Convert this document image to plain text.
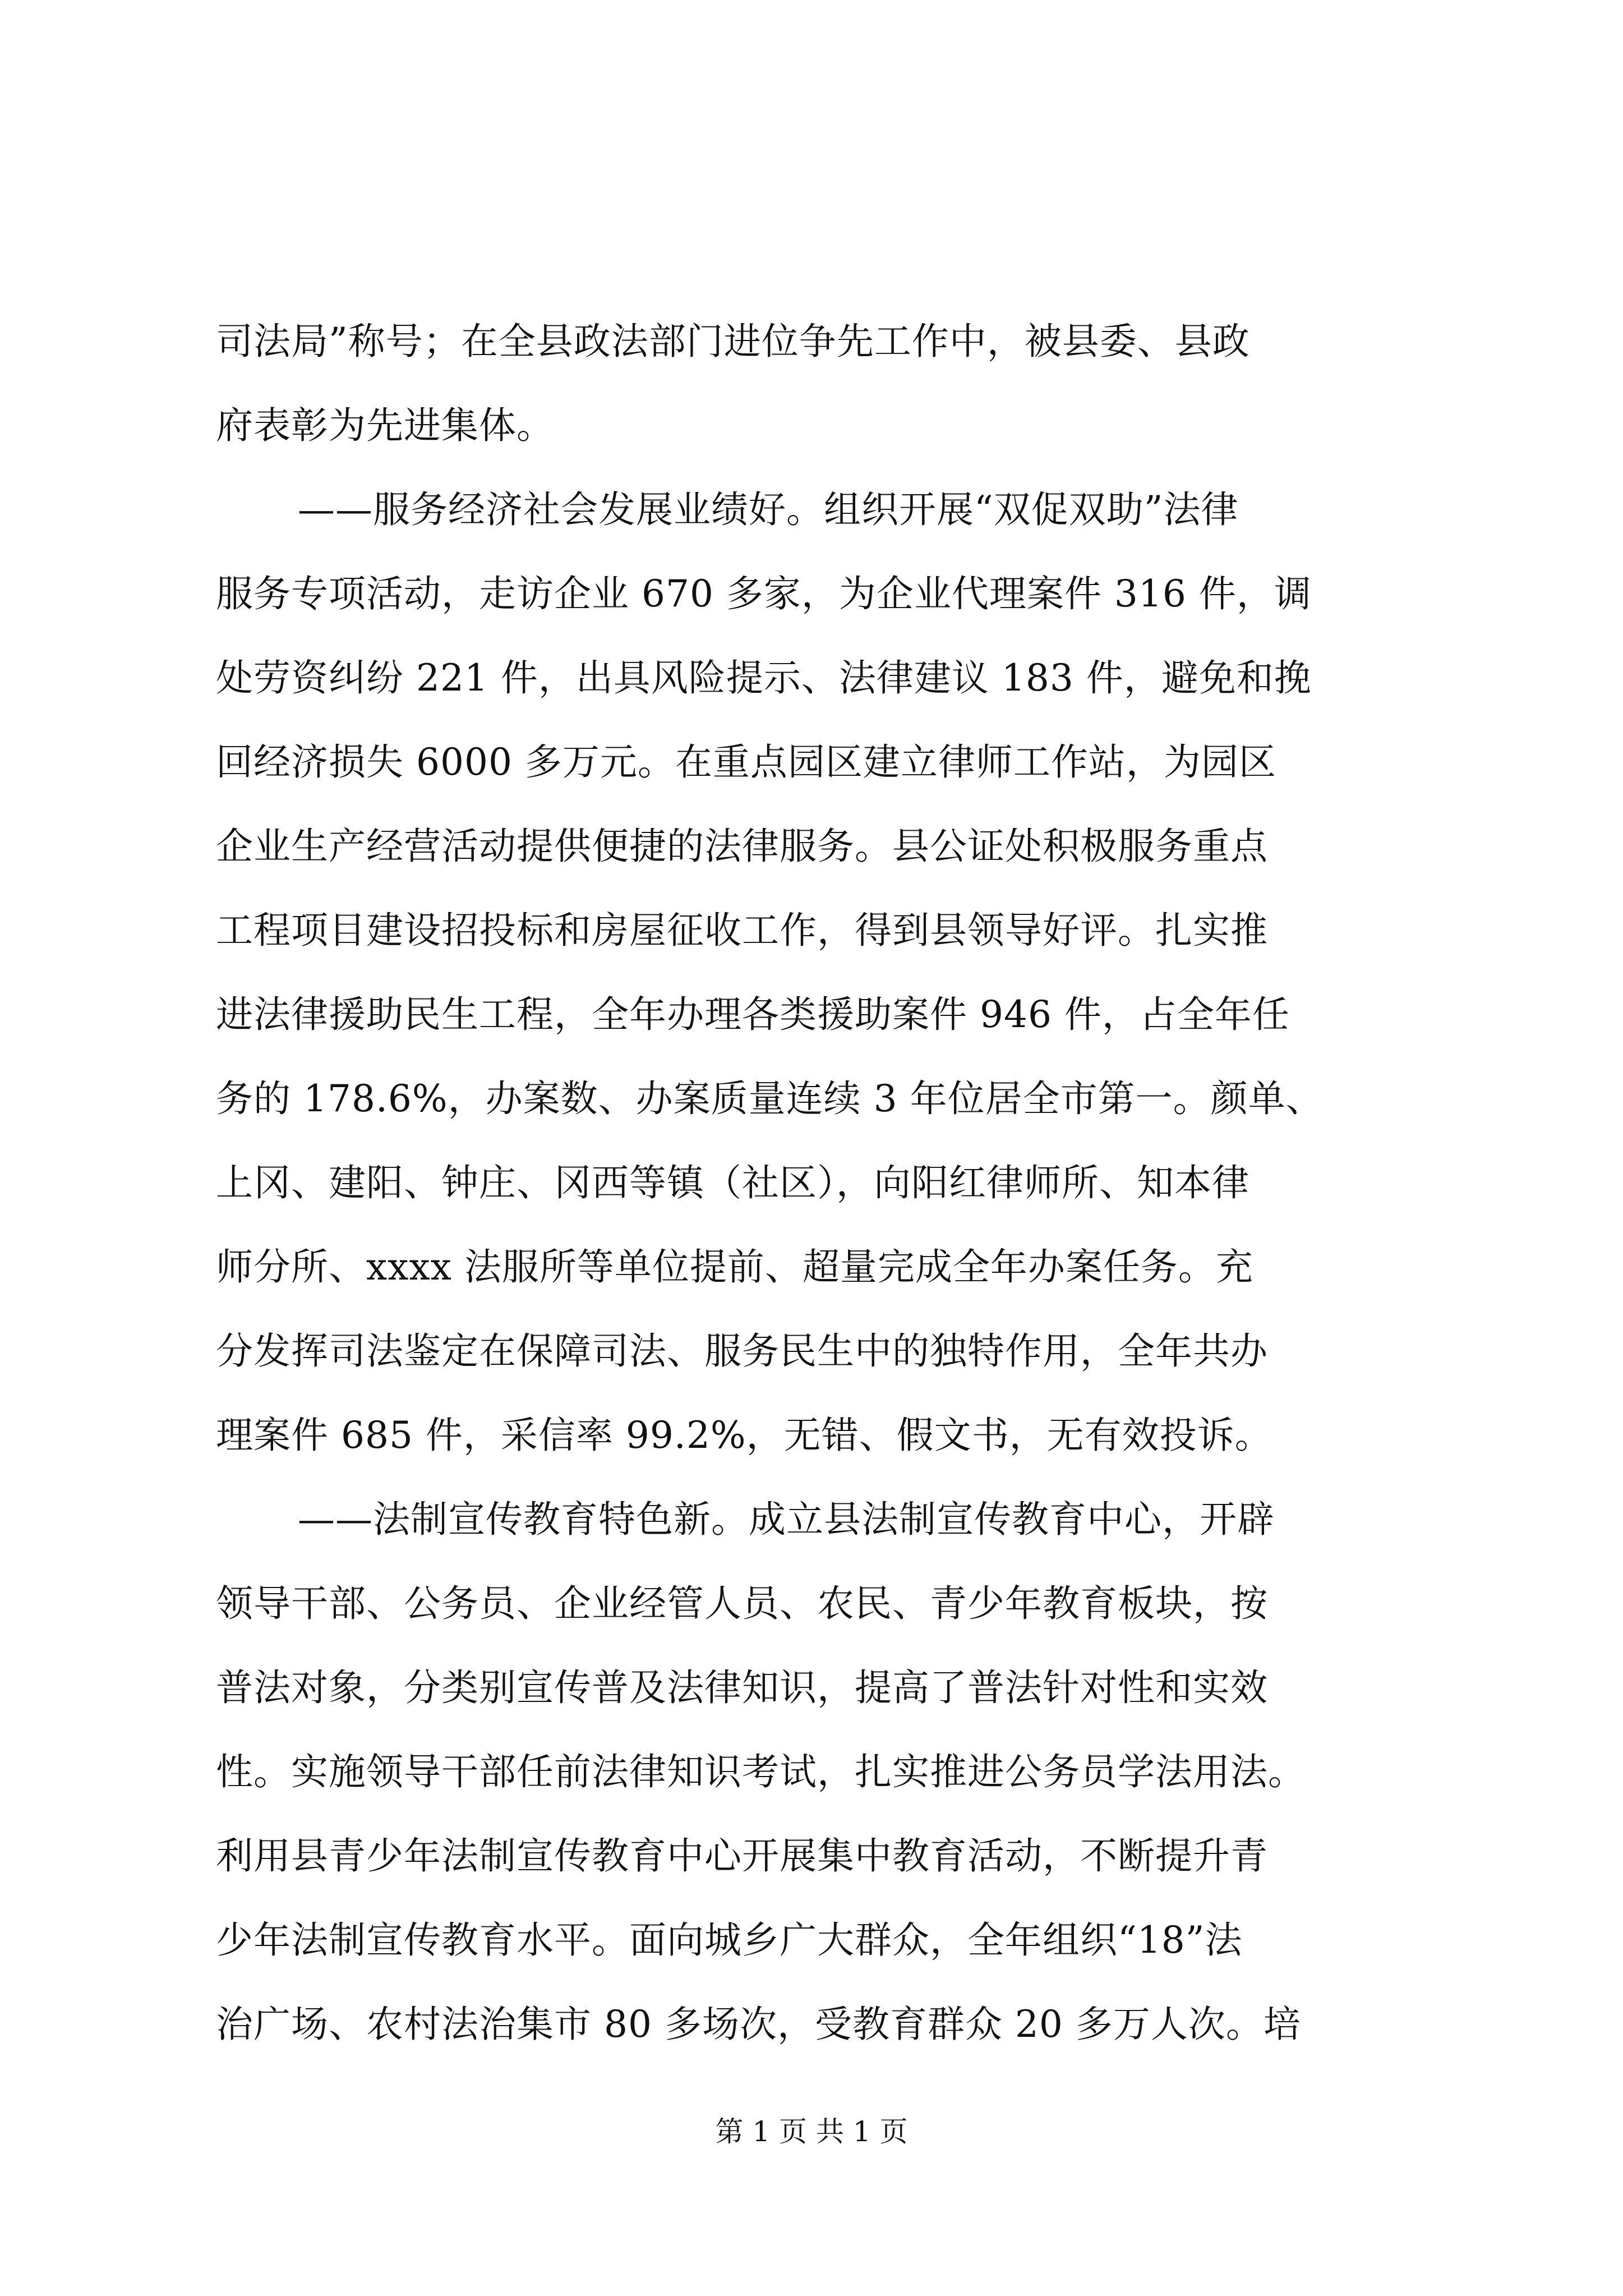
司法局”称号；在全县政法部门进位争先工作中，被县委、县政
府表彰为先进集体。
——服务经济社会发展业绩好。组织开展“双促双助”法律
服务专项活动，走访企业 670 多家，为企业代理案件 316 件，调
处劳资纠纷 221 件，出具风险提示、法律建议 183 件，避免和挽
回经济损失 6000 多万元。在重点园区建立律师工作站，为园区
企业生产经营活动提供便捷的法律服务。县公证处积极服务重点
工程项目建设招投标和房屋征收工作，得到县领导好评。扎实推
进法律援助民生工程，全年办理各类援助案件 946 件，占全年任
务的 178.6%，办案数、办案质量连续 3 年位居全市第一。颜单、
上冈、建阳、钟庄、冈西等镇（社区），向阳红律师所、知本律
师分所、xxxx 法服所等单位提前、超量完成全年办案任务。充
分发挥司法鉴定在保障司法、服务民生中的独特作用，全年共办
理案件 685 件，采信率 99.2%，无错、假文书，无有效投诉。
——法制宣传教育特色新。成立县法制宣传教育中心，开辟
领导干部、公务员、企业经管人员、农民、青少年教育板块，按
普法对象，分类别宣传普及法律知识，提高了普法针对性和实效
性。实施领导干部任前法律知识考试，扎实推进公务员学法用法。
利用县青少年法制宣传教育中心开展集中教育活动，不断提升青
少年法制宣传教育水平。面向城乡广大群众，全年组织“18”法
治广场、农村法治集市 80 多场次，受教育群众 20 多万人次。培
第 1 页 共 1 页
